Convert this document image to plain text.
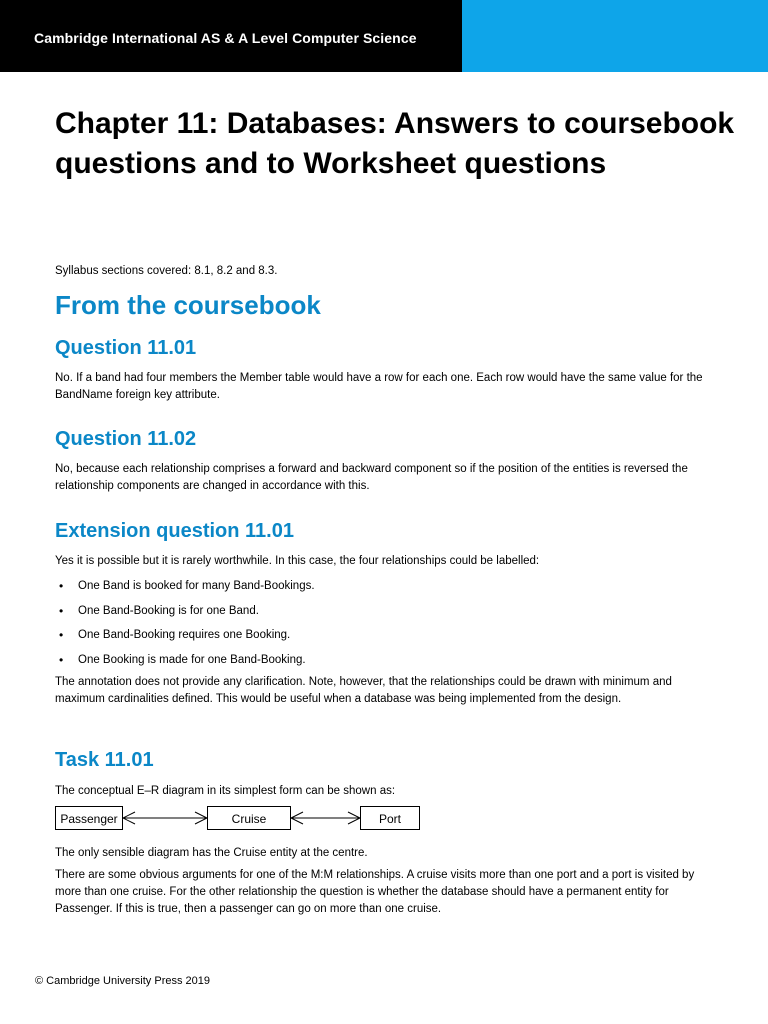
Cambridge International AS & A Level Computer Science
Chapter 11: Databases: Answers to coursebook questions and to Worksheet questions
Syllabus sections covered: 8.1, 8.2 and 8.3.
From the coursebook
Question 11.01

No. If a band had four members the Member table would have a row for each one. Each row would have the same value for the BandName foreign key attribute.

Question 11.02

No, because each relationship comprises a forward and backward component so if the position of the entities is reversed the relationship components are changed in accordance with this.

Extension question 11.01

Yes it is possible but it is rarely worthwhile. In this case, the four relationships could be labelled:

• One Band is booked for many Band-Bookings.
• One Band-Booking is for one Band.
• One Band-Booking requires one Booking.
• One Booking is made for one Band-Booking.

The annotation does not provide any clarification. Note, however, that the relationships could be drawn with minimum and maximum cardinalities defined. This would be useful when a database was being implemented from the design.

Task 11.01

The conceptual E–R diagram in its simplest form can be shown as:

Passenger	Cruise	Port

The only sensible diagram has the Cruise entity at the centre.

There are some obvious arguments for one of the M:M relationships. A cruise visits more than one port and a port is visited by more than one cruise. For the other relationship the question is whether the database should have a permanent entity for Passenger. If this is true, then a passenger can go on more than one cruise.

© Cambridge University Press 2019
